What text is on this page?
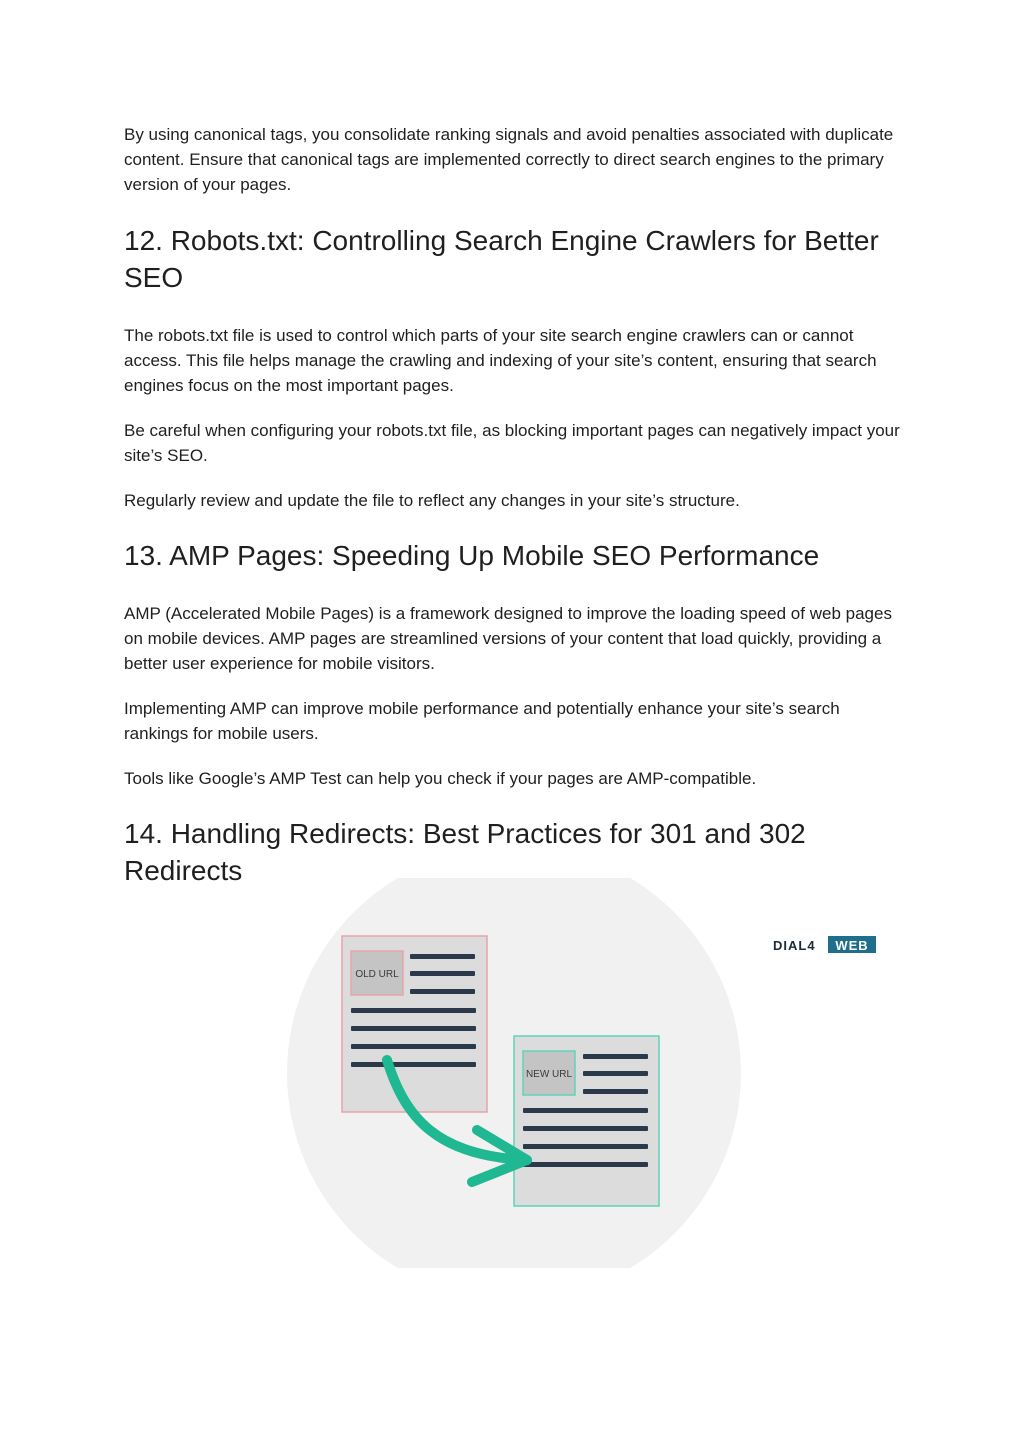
By using canonical tags, you consolidate ranking signals and avoid penalties associated with duplicate content. Ensure that canonical tags are implemented correctly to direct search engines to the primary version of your pages.

12. Robots.txt: Controlling Search Engine Crawlers for Better SEO

The robots.txt file is used to control which parts of your site search engine crawlers can or cannot access. This file helps manage the crawling and indexing of your site’s content, ensuring that search engines focus on the most important pages.

Be careful when configuring your robots.txt file, as blocking important pages can negatively impact your site’s SEO.

Regularly review and update the file to reflect any changes in your site’s structure.

13. AMP Pages: Speeding Up Mobile SEO Performance

AMP (Accelerated Mobile Pages) is a framework designed to improve the loading speed of web pages on mobile devices. AMP pages are streamlined versions of your content that load quickly, providing a better user experience for mobile visitors.

Implementing AMP can improve mobile performance and potentially enhance your site’s search rankings for mobile users.

Tools like Google’s AMP Test can help you check if your pages are AMP-compatible.

14. Handling Redirects: Best Practices for 301 and 302 Redirects
OLD URL
NEW URL
DIAL4 WEB
